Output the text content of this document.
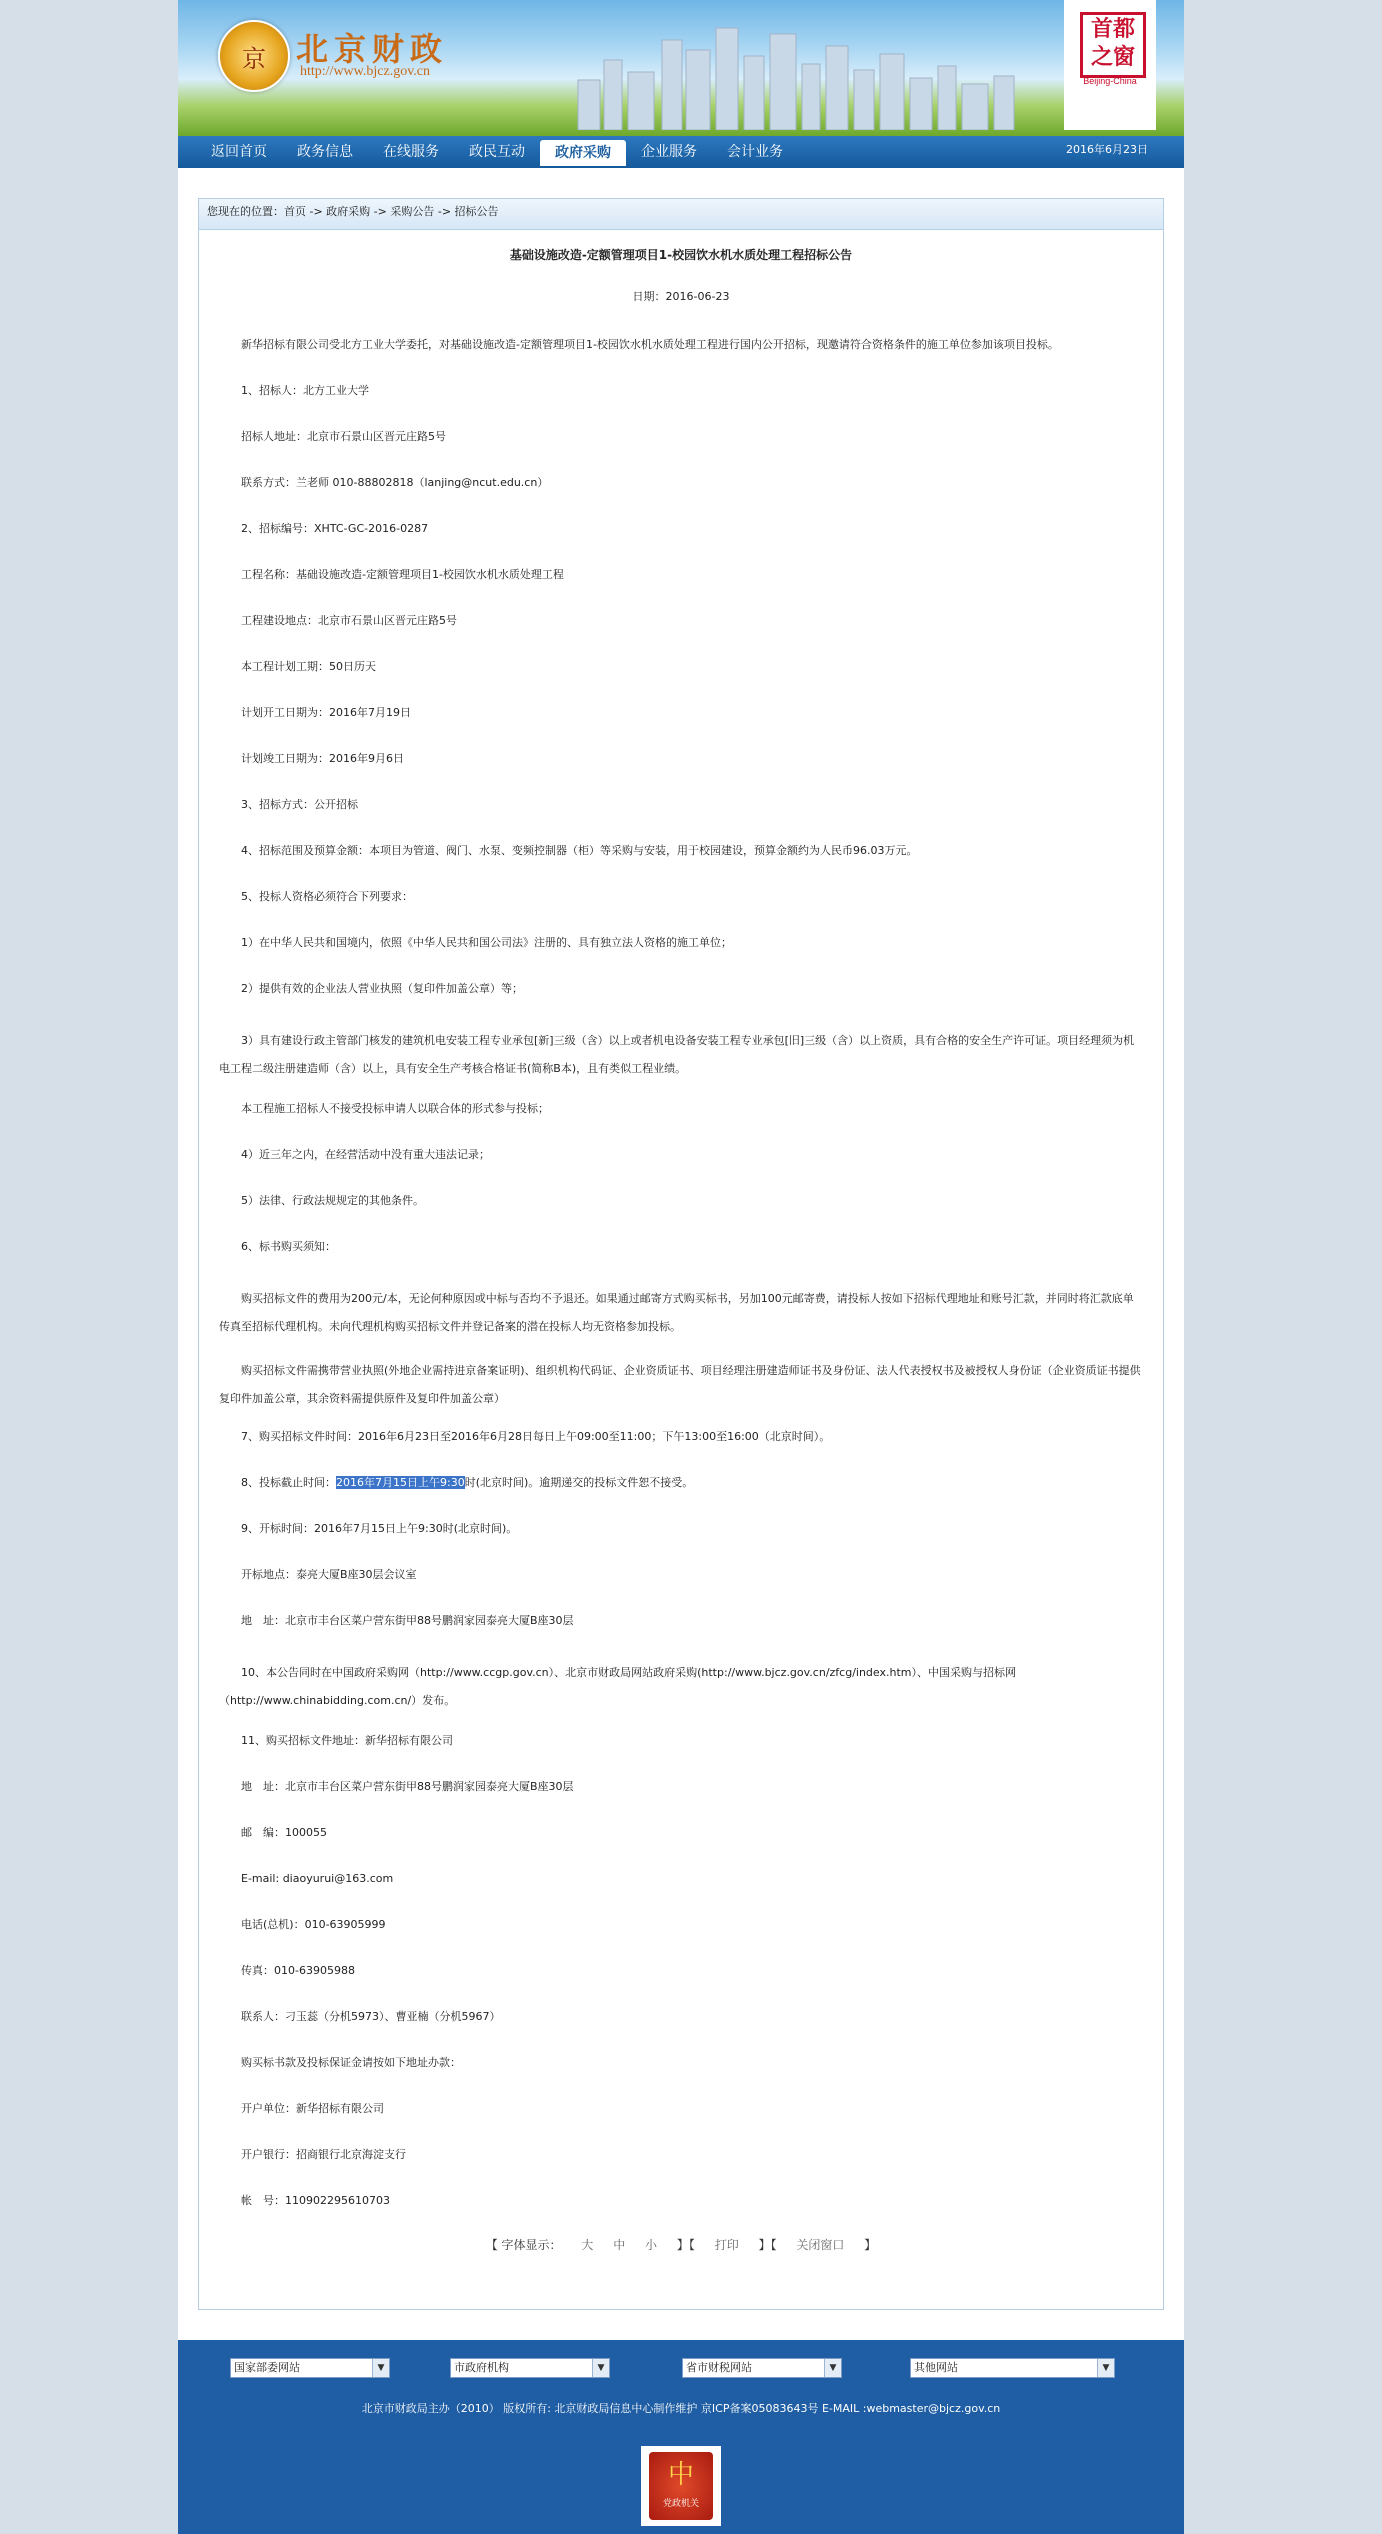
京 北京财政
http://www.bjcz.gov.cn
首都之窗
Beijing-China
返回首页	政务信息	在线服务	政民互动	政府采购	企业服务	会计业务	2016年6月23日
您现在的位置：首页 -> 政府采购 -> 采购公告 -> 招标公告

基础设施改造-定额管理项目1-校园饮水机水质处理工程招标公告

日期：2016-06-23

新华招标有限公司受北方工业大学委托，对基础设施改造-定额管理项目1-校园饮水机水质处理工程进行国内公开招标，现邀请符合资格条件的施工单位参加该项目投标。

1、招标人：北方工业大学

招标人地址：北京市石景山区晋元庄路5号

联系方式：兰老师 010-88802818（lanjing@ncut.edu.cn）

2、招标编号：XHTC-GC-2016-0287

工程名称：基础设施改造-定额管理项目1-校园饮水机水质处理工程

工程建设地点：北京市石景山区晋元庄路5号

本工程计划工期：50日历天

计划开工日期为：2016年7月19日

计划竣工日期为：2016年9月6日

3、招标方式：公开招标

4、招标范围及预算金额：本项目为管道、阀门、水泵、变频控制器（柜）等采购与安装，用于校园建设，预算金额约为人民币96.03万元。

5、投标人资格必须符合下列要求：

1）在中华人民共和国境内，依照《中华人民共和国公司法》注册的、具有独立法人资格的施工单位；

2）提供有效的企业法人营业执照（复印件加盖公章）等；

3）具有建设行政主管部门核发的建筑机电安装工程专业承包[新]三级（含）以上或者机电设备安装工程专业承包[旧]三级（含）以上资质，具有合格的安全生产许可证。项目经理须为机电工程二级注册建造师（含）以上，具有安全生产考核合格证书(简称B本)，且有类似工程业绩。

本工程施工招标人不接受投标申请人以联合体的形式参与投标；

4）近三年之内，在经营活动中没有重大违法记录；

5）法律、行政法规规定的其他条件。

6、标书购买须知：

购买招标文件的费用为200元/本，无论何种原因或中标与否均不予退还。如果通过邮寄方式购买标书，另加100元邮寄费，请投标人按如下招标代理地址和账号汇款，并同时将汇款底单传真至招标代理机构。未向代理机构购买招标文件并登记备案的潜在投标人均无资格参加投标。

购买招标文件需携带营业执照(外地企业需持进京备案证明)、组织机构代码证、企业资质证书、项目经理注册建造师证书及身份证、法人代表授权书及被授权人身份证（企业资质证书提供复印件加盖公章，其余资料需提供原件及复印件加盖公章）

7、购买招标文件时间：2016年6月23日至2016年6月28日每日上午09:00至11:00；下午13:00至16:00（北京时间）。

8、投标截止时间：2016年7月15日上午9:30时(北京时间)。逾期递交的投标文件恕不接受。

9、开标时间：2016年7月15日上午9:30时(北京时间)。

开标地点：泰亮大厦B座30层会议室

地　址：北京市丰台区菜户营东街甲88号鹏润家园泰亮大厦B座30层

10、本公告同时在中国政府采购网（http://www.ccgp.gov.cn）、北京市财政局网站政府采购(http://www.bjcz.gov.cn/zfcg/index.htm）、中国采购与招标网（http://www.chinabidding.com.cn/）发布。

11、购买招标文件地址：新华招标有限公司

地　址：北京市丰台区菜户营东街甲88号鹏润家园泰亮大厦B座30层

邮　编：100055

E-mail: diaoyurui@163.com

电话(总机)：010-63905999

传真：010-63905988

联系人：刁玉蕊（分机5973）、曹亚楠（分机5967）

购买标书款及投标保证金请按如下地址办款：

开户单位：新华招标有限公司

开户银行：招商银行北京海淀支行

帐　号：110902295610703

【 字体显示： 大 中 小 】【 打印 】【 关闭窗口 】
国家部委网站	▼	市政府机构	▼	省市财税网站	▼	其他网站	▼
北京市财政局主办（2010） 版权所有: 北京财政局信息中心制作维护 京ICP备案05083643号 E-MAIL :webmaster@bjcz.gov.cn
中
党政机关
